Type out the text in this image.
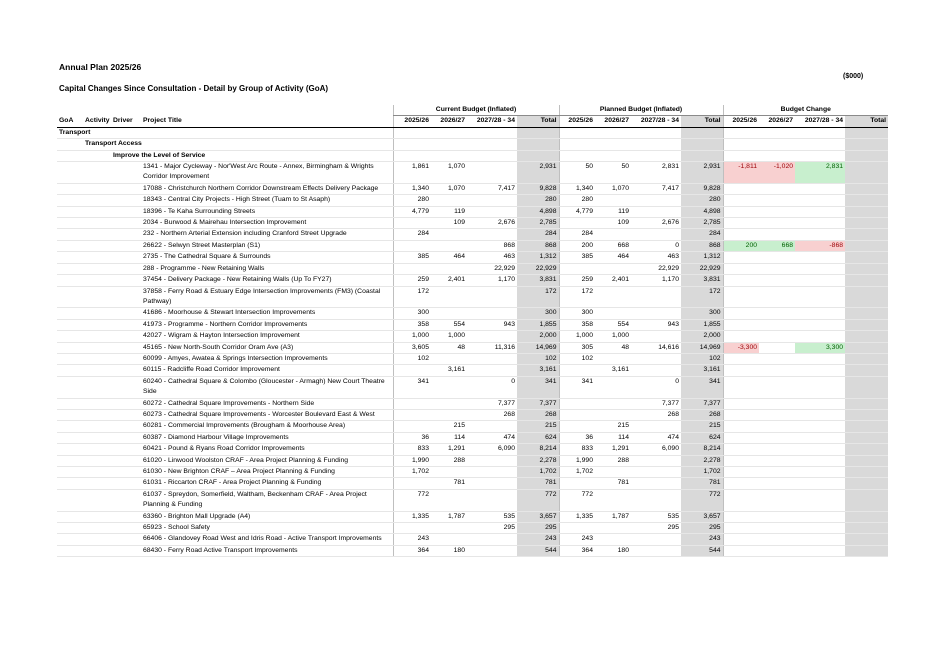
Annual Plan 2025/26
($000)
Capital Changes Since Consultation - Detail by Group of Activity (GoA)
				Current Budget (Inflated)				Planned Budget (Inflated)				Budget Change			
GoA	Activity	Driver	Project Title	2025/26	2026/27	2027/28 - 34	Total	2025/26	2026/27	2027/28 - 34	Total	2025/26	2026/27	2027/28 - 34	Total
Transport															
	Transport Access														
		Improve the Level of Service													
			1341 - Major Cycleway - Nor'West Arc Route - Annex, Birmingham & Wrights Corridor Improvement	1,861	1,070		2,931	50	50	2,831	2,931	-1,811	-1,020	2,831	
			17088 - Christchurch Northern Corridor Downstream Effects Delivery Package	1,340	1,070	7,417	9,828	1,340	1,070	7,417	9,828				
			18343 - Central City Projects - High Street (Tuam to St Asaph)	280			280	280			280				
			18396 - Te Kaha Surrounding Streets	4,779	119		4,898	4,779	119		4,898				
			2034 - Burwood & Mairehau Intersection Improvement		109	2,676	2,785		109	2,676	2,785				
			232 - Northern Arterial Extension including Cranford Street Upgrade	284			284	284			284				
			26622 - Selwyn Street Masterplan (S1)			868	868	200	668	0	868	200	668	-868	
			2735 - The Cathedral Square & Surrounds	385	464	463	1,312	385	464	463	1,312				
			288 - Programme - New Retaining Walls			22,929	22,929			22,929	22,929				
			37454 - Delivery Package - New Retaining Walls (Up To FY27)	259	2,401	1,170	3,831	259	2,401	1,170	3,831				
			37858 - Ferry Road & Estuary Edge Intersection Improvements (FM3) (Coastal Pathway)	172			172	172			172				
			41686 - Moorhouse & Stewart Intersection Improvements	300			300	300			300				
			41973 - Programme - Northern Corridor Improvements	358	554	943	1,855	358	554	943	1,855				
			42027 - Wigram & Hayton Intersection Improvement	1,000	1,000		2,000	1,000	1,000		2,000				
			45165 - New North-South Corridor Oram Ave (A3)	3,605	48	11,316	14,969	305	48	14,616	14,969	-3,300		3,300	
			60099 - Amyes, Awatea & Springs Intersection Improvements	102			102	102			102				
			60115 - Radcliffe Road Corridor Improvement		3,161		3,161		3,161		3,161				
			60240 - Cathedral Square & Colombo (Gloucester - Armagh) New Court Theatre Side	341		0	341	341		0	341				
			60272 - Cathedral Square Improvements - Northern Side			7,377	7,377			7,377	7,377				
			60273 - Cathedral Square Improvements - Worcester Boulevard East & West			268	268			268	268				
			60281 - Commercial Improvements (Brougham & Moorhouse Area)		215		215		215		215				
			60387 - Diamond Harbour Village Improvements	36	114	474	624	36	114	474	624				
			60421 - Pound & Ryans Road Corridor Improvements	833	1,291	6,090	8,214	833	1,291	6,090	8,214				
			61020 - Linwood Woolston CRAF - Area Project Planning & Funding	1,990	288		2,278	1,990	288		2,278				
			61030 - New Brighton CRAF – Area Project Planning & Funding	1,702			1,702	1,702			1,702				
			61031 - Riccarton CRAF - Area Project Planning & Funding		781		781		781		781				
			61037 - Spreydon, Somerfield, Waltham, Beckenham CRAF - Area Project Planning & Funding	772			772	772			772				
			63360 - Brighton Mall Upgrade (A4)	1,335	1,787	535	3,657	1,335	1,787	535	3,657				
			65923 - School Safety			295	295			295	295				
			66406 - Glandovey Road West and Idris Road - Active Transport Improvements	243			243	243			243				
			68430 - Ferry Road Active Transport Improvements	364	180		544	364	180		544				
